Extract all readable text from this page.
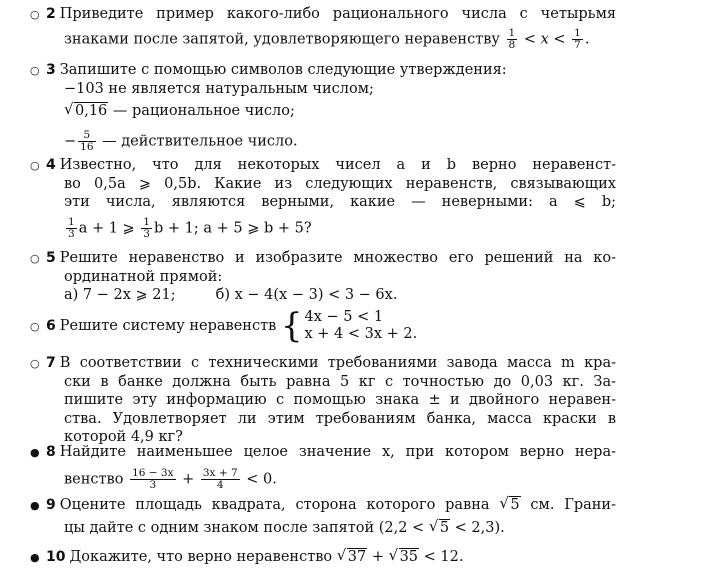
○ 2 Приведите пример какого-либо рационального числа с четырьмя
знаками после запятой, удовлетворяющего неравенству $\frac{1}{8} < x < \frac{1}{7}$ .
○ 3 Запишите с помощью символов следующие утверждения:
−103 не является натуральным числом;
√ 0,16 — рациональное число;
− $\frac{5}{16}$ — действительное число.
○ 4 Известно, что для некоторых чисел a и b верно неравенст-
во 0,5a ⩾ 0,5b. Какие из следующих неравенств, связывающих
эти числа, являются верными, какие — неверными: a ⩽ b;
$\frac{1}{3}$ a + 1 ⩾ $\frac{1}{3}$ b + 1; a + 5 ⩾ b + 5?
○ 5 Решите неравенство и изобразите множество его решений на ко-
ординатной прямой:
а) 7 − 2x ⩾ 21;	б) x − 4(x − 3) < 3 − 6x.
○ 6 Решите систему неравенств { 4x − 5 < 1
x + 4 < 3x + 2.
○ 7 В соответствии с техническими требованиями завода масса m кра-
ски в банке должна быть равна 5 кг с точностью до 0,03 кг. За-
пишите эту информацию с помощью знака ± и двойного неравен-
ства. Удовлетворяет ли этим требованиям банка, масса краски в
которой 4,9 кг?
● 8 Найдите наименьшее целое значение x, при котором верно нера-
венство $\frac{16 - 3x}{3} + \frac{3x + 7}{4} < 0$.
● 9 Оцените площадь квадрата, сторона которого равна √ 5 см. Грани-
цы дайте с одним знаком после запятой (2,2 < √ 5 < 2,3).
● 10 Докажите, что верно неравенство √ 37 + √ 35 < 12.
